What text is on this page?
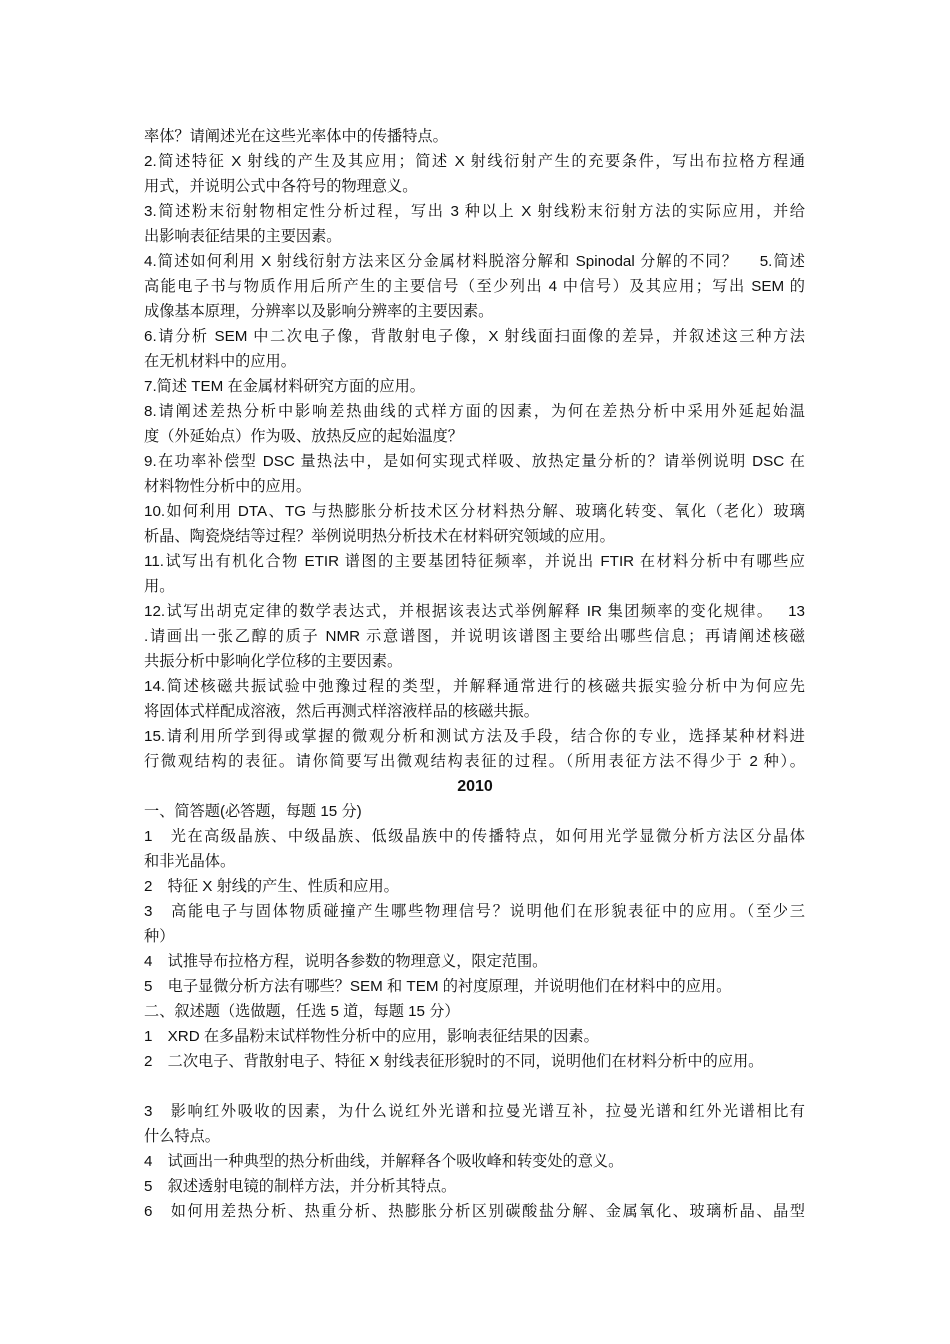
率体？请阐述光在这些光率体中的传播特点。
2.简述特征 X 射线的产生及其应用；简述 X 射线衍射产生的充要条件，写出布拉格方程通
用式，并说明公式中各符号的物理意义。
3.简述粉末衍射物相定性分析过程，写出 3 种以上 X 射线粉末衍射方法的实际应用，并给
出影响表征结果的主要因素。
4.简述如何利用 X 射线衍射方法来区分金属材料脱溶分解和 Spinodal 分解的不同？　 5.简述
高能电子书与物质作用后所产生的主要信号（至少列出 4 中信号）及其应用；写出 SEM 的
成像基本原理，分辨率以及影响分辨率的主要因素。
6.请分析 SEM 中二次电子像，背散射电子像，X 射线面扫面像的差异，并叙述这三种方法
在无机材料中的应用。
7.简述 TEM 在金属材料研究方面的应用。
8.请阐述差热分析中影响差热曲线的式样方面的因素，为何在差热分析中采用外延起始温
度（外延始点）作为吸、放热反应的起始温度？
9.在功率补偿型 DSC 量热法中，是如何实现式样吸、放热定量分析的？请举例说明 DSC 在
材料物性分析中的应用。
10.如何利用 DTA、TG 与热膨胀分析技术区分材料热分解、玻璃化转变、氧化（老化）玻璃
析晶、陶瓷烧结等过程？举例说明热分析技术在材料研究领域的应用。
11.试写出有机化合物 ETIR 谱图的主要基团特征频率，并说出 FTIR 在材料分析中有哪些应
用。
12.试写出胡克定律的数学表达式，并根据该表达式举例解释 IR 集团频率的变化规律。　 13
.请画出一张乙醇的质子 NMR 示意谱图，并说明该谱图主要给出哪些信息；再请阐述核磁
共振分析中影响化学位移的主要因素。
14.简述核磁共振试验中弛豫过程的类型，并解释通常进行的核磁共振实验分析中为何应先
将固体式样配成溶液，然后再测式样溶液样品的核磁共振。
15.请利用所学到得或掌握的微观分析和测试方法及手段，结合你的专业，选择某种材料进
行微观结构的表征。请你简要写出微观结构表征的过程。（所用表征方法不得少于 2 种）。
2010
一、简答题(必答题，每题 15 分)
1　光在高级晶族、中级晶族、低级晶族中的传播特点，如何用光学显微分析方法区分晶体
和非光晶体。
2　特征 X 射线的产生、性质和应用。
3　高能电子与固体物质碰撞产生哪些物理信号？说明他们在形貌表征中的应用。（至少三
种）
4　试推导布拉格方程，说明各参数的物理意义，限定范围。
5　电子显微分析方法有哪些？SEM 和 TEM 的衬度原理，并说明他们在材料中的应用。
二、叙述题（选做题，任选 5 道，每题 15 分）
1　XRD 在多晶粉末试样物性分析中的应用，影响表征结果的因素。
2　二次电子、背散射电子、特征 X 射线表征形貌时的不同，说明他们在材料分析中的应用。
3　影响红外吸收的因素，为什么说红外光谱和拉曼光谱互补，拉曼光谱和红外光谱相比有
什么特点。
4　试画出一种典型的热分析曲线，并解释各个吸收峰和转变处的意义。
5　叙述透射电镜的制样方法，并分析其特点。
6　如何用差热分析、热重分析、热膨胀分析区别碳酸盐分解、金属氧化、玻璃析晶、晶型
